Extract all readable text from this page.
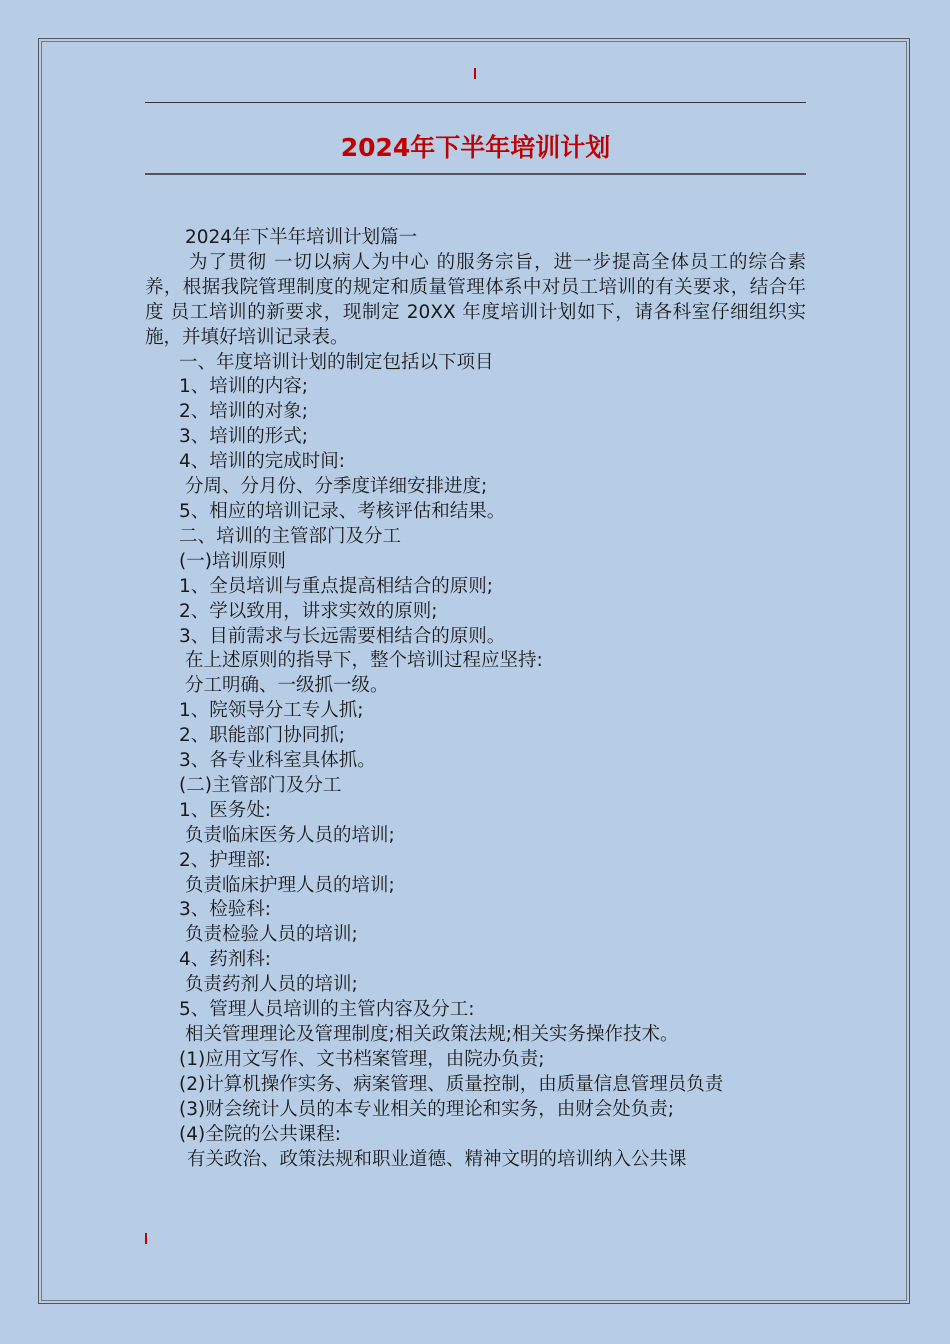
2024年下半年培训计划
2024年下半年培训计划篇一
为了贯彻 一切以病人为中心 的服务宗旨，进一步提高全体员工的综合素养，根据我院管理制度的规定和质量管理体系中对员工培训的有关要求，结合年度 员工培训的新要求，现制定 20XX 年度培训计划如下，请各科室仔细组织实施，并填好培训记录表。
一、年度培训计划的制定包括以下项目
1、培训的内容;
2、培训的对象;
3、培训的形式;
4、培训的完成时间:
分周、分月份、分季度详细安排进度;
5、相应的培训记录、考核评估和结果。
二、培训的主管部门及分工
(一)培训原则
1、全员培训与重点提高相结合的原则;
2、学以致用，讲求实效的原则;
3、目前需求与长远需要相结合的原则。
在上述原则的指导下，整个培训过程应坚持:
分工明确、一级抓一级。
1、院领导分工专人抓;
2、职能部门协同抓;
3、各专业科室具体抓。
(二)主管部门及分工
1、医务处:
负责临床医务人员的培训;
2、护理部:
负责临床护理人员的培训;
3、检验科:
负责检验人员的培训;
4、药剂科:
负责药剂人员的培训;
5、管理人员培训的主管内容及分工:
相关管理理论及管理制度;相关政策法规;相关实务操作技术。
(1)应用文写作、文书档案管理，由院办负责;
(2)计算机操作实务、病案管理、质量控制，由质量信息管理员负责
(3)财会统计人员的本专业相关的理论和实务，由财会处负责;
(4)全院的公共课程:
有关政治、政策法规和职业道德、精神文明的培训纳入公共课
